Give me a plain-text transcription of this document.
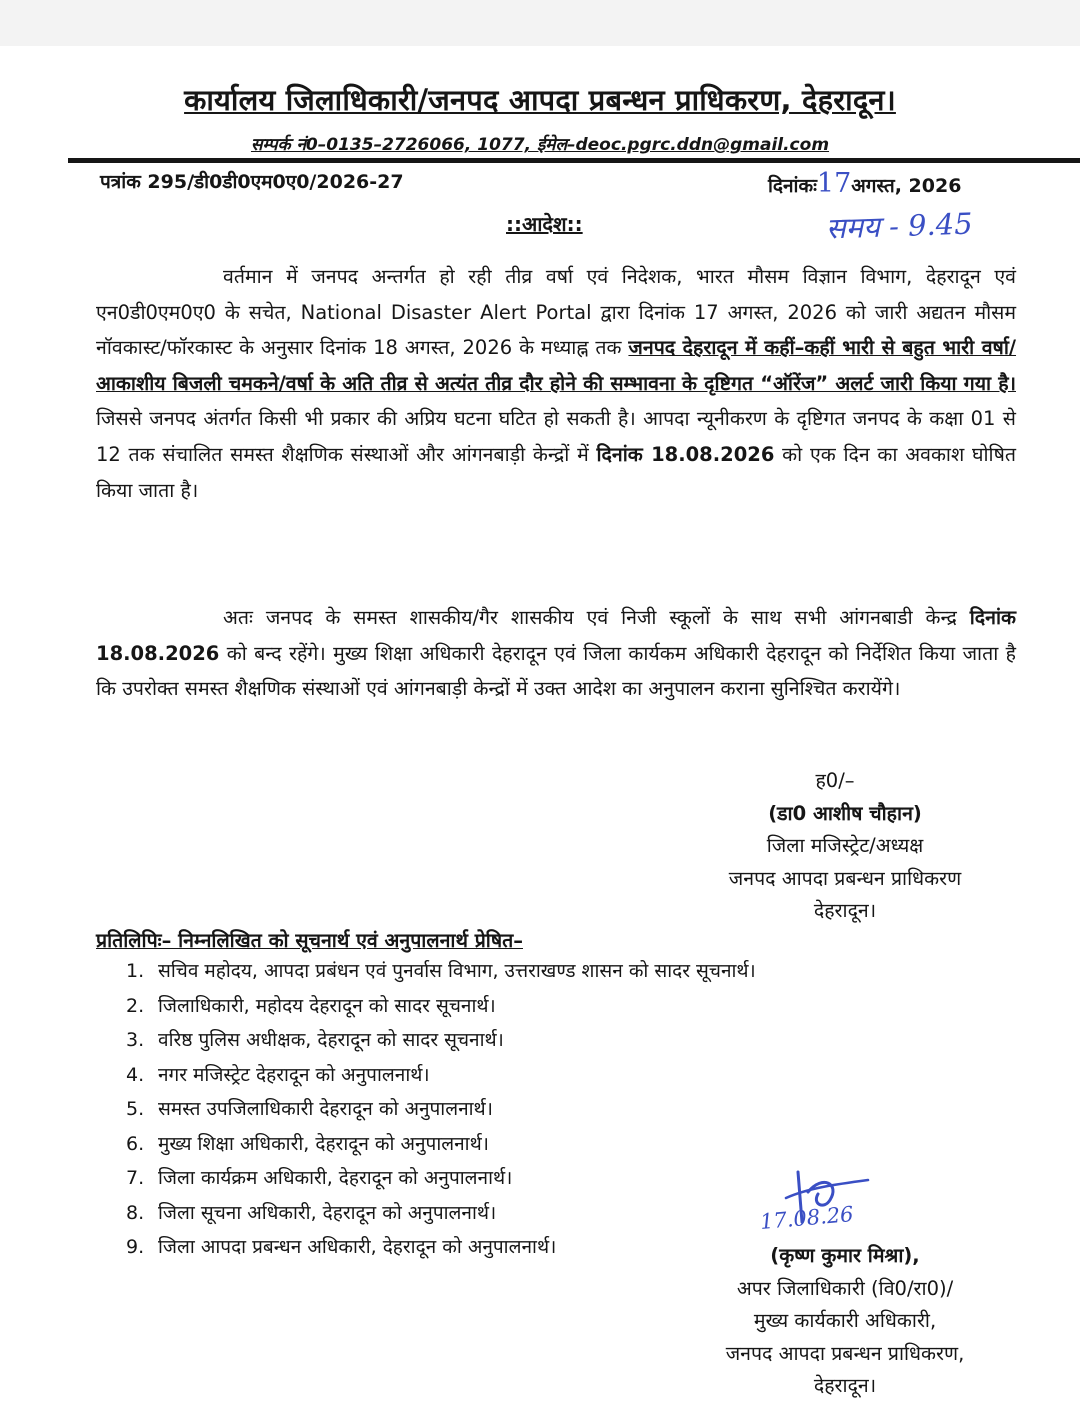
कार्यालय जिलाधिकारी/जनपद आपदा प्रबन्धन प्राधिकरण, देहरादून।
सम्पर्क नं0–0135–2726066, 1077, ईमेल–deoc.pgrc.ddn@gmail.com
पत्रांक 295/डी0डी0एम0ए0/2026-27	दिनांकः17अगस्त, 2026
::आदेश::	समय - 9.45
वर्तमान में जनपद अन्तर्गत हो रही तीव्र वर्षा एवं निदेशक, भारत मौसम विज्ञान विभाग, देहरादून एवं एन0डी0एम0ए0 के सचेत, National Disaster Alert Portal द्वारा दिनांक 17 अगस्त, 2026 को जारी अद्यतन मौसम नॉवकास्ट/फॉरकास्ट के अनुसार दिनांक 18 अगस्त, 2026 के मध्याह्न तक जनपद देहरादून में कहीं–कहीं भारी से बहुत भारी वर्षा/आकाशीय बिजली चमकने/वर्षा के अति तीव्र से अत्यंत तीव्र दौर होने की सम्भावना के दृष्टिगत “ऑरेंज” अलर्ट जारी किया गया है। जिससे जनपद अंतर्गत किसी भी प्रकार की अप्रिय घटना घटित हो सकती है। आपदा न्यूनीकरण के दृष्टिगत जनपद के कक्षा 01 से 12 तक संचालित समस्त शैक्षणिक संस्थाओं और आंगनबाड़ी केन्द्रों में दिनांक 18.08.2026 को एक दिन का अवकाश घोषित किया जाता है।
अतः जनपद के समस्त शासकीय/गैर शासकीय एवं निजी स्कूलों के साथ सभी आंगनबाडी केन्द्र दिनांक 18.08.2026 को बन्द रहेंगे। मुख्य शिक्षा अधिकारी देहरादून एवं जिला कार्यकम अधिकारी देहरादून को निर्देशित किया जाता है कि उपरोक्त समस्त शैक्षणिक संस्थाओं एवं आंगनबाड़ी केन्द्रों में उक्त आदेश का अनुपालन कराना सुनिश्चित करायेंगे।
ह0/–
(डा0 आशीष चौहान)
जिला मजिस्ट्रेट/अध्यक्ष
जनपद आपदा प्रबन्धन प्राधिकरण
देहरादून।
प्रतिलिपिः– निम्नलिखित को सूचनार्थ एवं अनुपालनार्थ प्रेषित–
1. सचिव महोदय, आपदा प्रबंधन एवं पुनर्वास विभाग, उत्तराखण्ड शासन को सादर सूचनार्थ।
2. जिलाधिकारी, महोदय देहरादून को सादर सूचनार्थ।
3. वरिष्ठ पुलिस अधीक्षक, देहरादून को सादर सूचनार्थ।
4. नगर मजिस्ट्रेट देहरादून को अनुपालनार्थ।
5. समस्त उपजिलाधिकारी देहरादून को अनुपालनार्थ।
6. मुख्य शिक्षा अधिकारी, देहरादून को अनुपालनार्थ।
7. जिला कार्यक्रम अधिकारी, देहरादून को अनुपालनार्थ।
8. जिला सूचना अधिकारी, देहरादून को अनुपालनार्थ।
9. जिला आपदा प्रबन्धन अधिकारी, देहरादून को अनुपालनार्थ।
17.08.26
(कृष्ण कुमार मिश्रा),
अपर जिलाधिकारी (वि0/रा0)/
मुख्य कार्यकारी अधिकारी,
जनपद आपदा प्रबन्धन प्राधिकरण,
देहरादून।
